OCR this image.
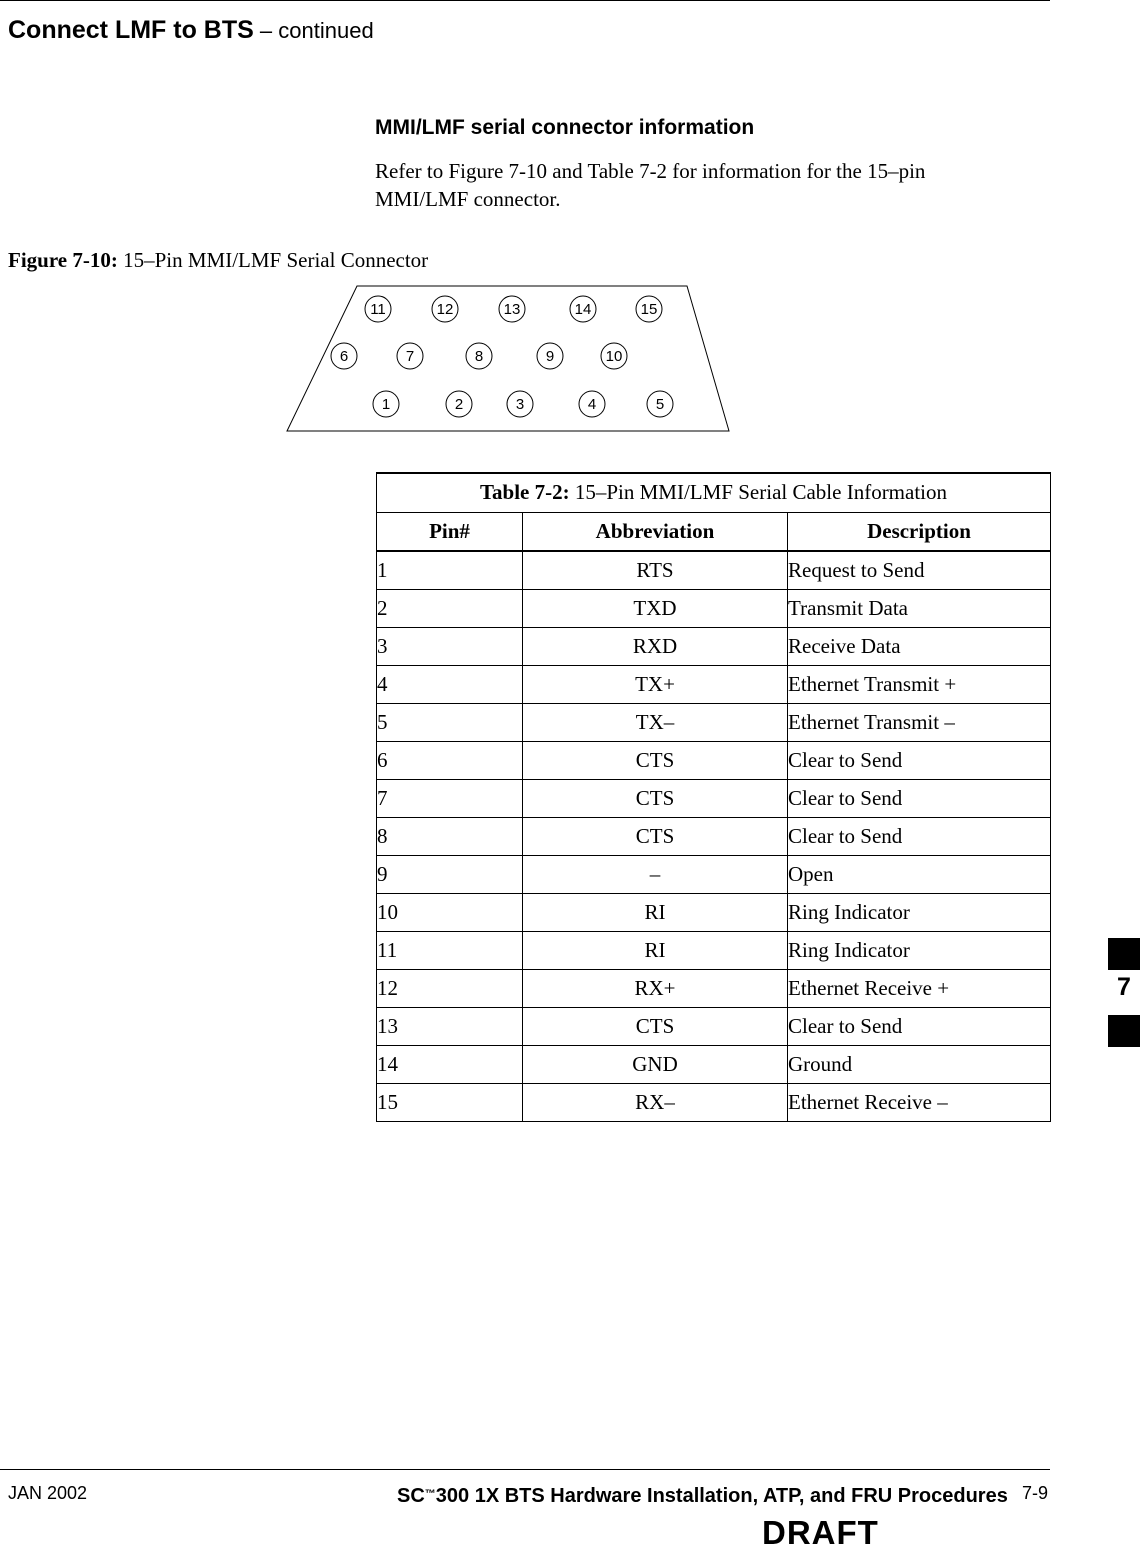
Connect LMF to BTS – continued
MMI/LMF serial connector information
Refer to Figure 7-10 and Table 7-2 for information for the 15–pin MMI/LMF connector.
Figure 7-10: 15–Pin MMI/LMF Serial Connector
11	12	13	14	15
6	7	8	9	10
1	2	3	4	5
Table 7-2: 15–Pin MMI/LMF Serial Cable Information
Pin#	Abbreviation	Description
1	RTS	Request to Send
2	TXD	Transmit Data
3	RXD	Receive Data
4	TX+	Ethernet Transmit +
5	TX–	Ethernet Transmit –
6	CTS	Clear to Send
7	CTS	Clear to Send
8	CTS	Clear to Send
9	–	Open
10	RI	Ring Indicator
11	RI	Ring Indicator
12	RX+	Ethernet Receive +
13	CTS	Clear to Send
14	GND	Ground
15	RX–	Ethernet Receive –
7
JAN 2002	SC™300 1X BTS Hardware Installation, ATP, and FRU Procedures 7-9
DRAFT
